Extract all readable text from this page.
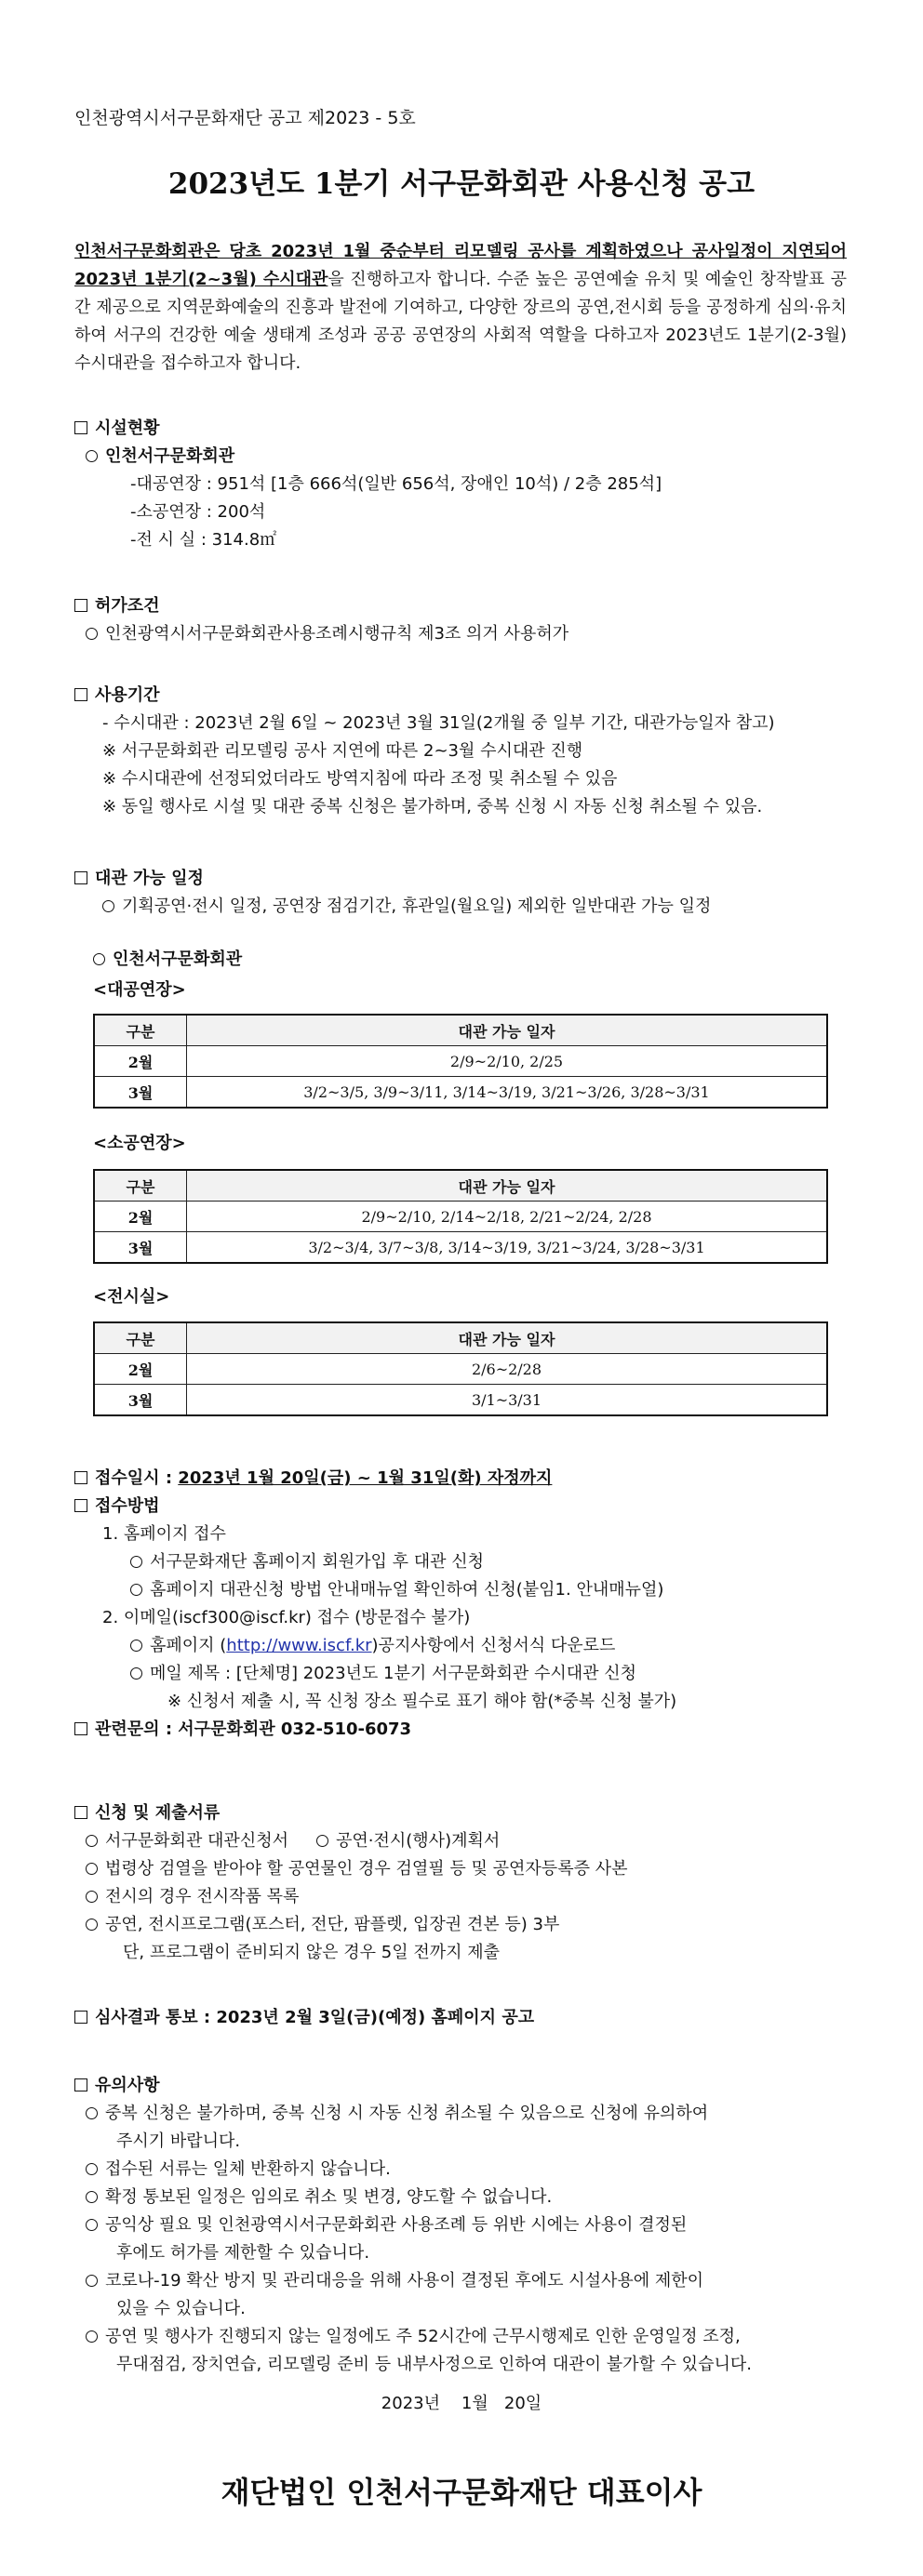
인천광역시서구문화재단 공고 제2023 - 5호
2023년도 1분기 서구문화회관 사용신청 공고
인천서구문화회관은 당초 2023년 1월 중순부터 리모델링 공사를 계획하였으나 공사일정이 지연되어 2023년 1분기(2~3월) 수시대관을 진행하고자 합니다. 수준 높은 공연예술 유치 및 예술인 창작발표 공간 제공으로 지역문화예술의 진흥과 발전에 기여하고, 다양한 장르의 공연,전시회 등을 공정하게 심의·유치하여 서구의 건강한 예술 생태계 조성과 공공 공연장의 사회적 역할을 다하고자 2023년도 1분기(2-3월) 수시대관을 접수하고자 합니다.
시설현황
인천서구문화회관
-대공연장 : 951석 [1층 666석(일반 656석, 장애인 10석) / 2층 285석]
-소공연장 : 200석
-전 시 실 : 314.8㎡
허가조건
인천광역시서구문화회관사용조례시행규칙 제3조 의거 사용허가
사용기간
- 수시대관 : 2023년 2월 6일 ~ 2023년 3월 31일(2개월 중 일부 기간, 대관가능일자 참고)
※ 서구문화회관 리모델링 공사 지연에 따른 2~3월 수시대관 진행
※ 수시대관에 선정되었더라도 방역지침에 따라 조정 및 취소될 수 있음
※ 동일 행사로 시설 및 대관 중복 신청은 불가하며, 중복 신청 시 자동 신청 취소될 수 있음.
대관 가능 일정
기획공연·전시 일정, 공연장 점검기간, 휴관일(월요일) 제외한 일반대관 가능 일정
인천서구문화회관
<대공연장>
구분	대관 가능 일자
2월	2/9~2/10, 2/25
3월	3/2~3/5, 3/9~3/11, 3/14~3/19, 3/21~3/26, 3/28~3/31
<소공연장>
구분	대관 가능 일자
2월	2/9~2/10, 2/14~2/18, 2/21~2/24, 2/28
3월	3/2~3/4, 3/7~3/8, 3/14~3/19, 3/21~3/24, 3/28~3/31
<전시실>
구분	대관 가능 일자
2월	2/6~2/28
3월	3/1~3/31
접수일시 : 2023년 1월 20일(금) ~ 1월 31일(화) 자정까지
접수방법
1. 홈페이지 접수
서구문화재단 홈페이지 회원가입 후 대관 신청
홈페이지 대관신청 방법 안내매뉴얼 확인하여 신청(붙임1. 안내매뉴얼)
2. 이메일(iscf300@iscf.kr) 접수 (방문접수 불가)
홈페이지 (http://www.iscf.kr)공지사항에서 신청서식 다운로드
메일 제목 : [단체명] 2023년도 1분기 서구문화회관 수시대관 신청
※ 신청서 제출 시, 꼭 신청 장소 필수로 표기 해야 함(*중복 신청 불가)
관련문의 : 서구문화회관 032-510-6073
신청 및 제출서류
서구문화회관 대관신청서	공연·전시(행사)계획서
법령상 검열을 받아야 할 공연물인 경우 검열필 등 및 공연자등록증 사본
전시의 경우 전시작품 목록
공연, 전시프로그램(포스터, 전단, 팜플렛, 입장권 견본 등) 3부
단, 프로그램이 준비되지 않은 경우 5일 전까지 제출
심사결과 통보 : 2023년 2월 3일(금)(예정) 홈페이지 공고
유의사항
중복 신청은 불가하며, 중복 신청 시 자동 신청 취소될 수 있음으로 신청에 유의하여
주시기 바랍니다.
접수된 서류는 일체 반환하지 않습니다.
확정 통보된 일정은 임의로 취소 및 변경, 양도할 수 없습니다.
공익상 필요 및 인천광역시서구문화회관 사용조례 등 위반 시에는 사용이 결정된
후에도 허가를 제한할 수 있습니다.
코로나-19 확산 방지 및 관리대응을 위해 사용이 결정된 후에도 시설사용에 제한이
있을 수 있습니다.
공연 및 행사가 진행되지 않는 일정에도 주 52시간에 근무시행제로 인한 운영일정 조정,
무대점검, 장치연습, 리모델링 준비 등 내부사정으로 인하여 대관이 불가할 수 있습니다.
2023년    1월   20일
재단법인 인천서구문화재단 대표이사
